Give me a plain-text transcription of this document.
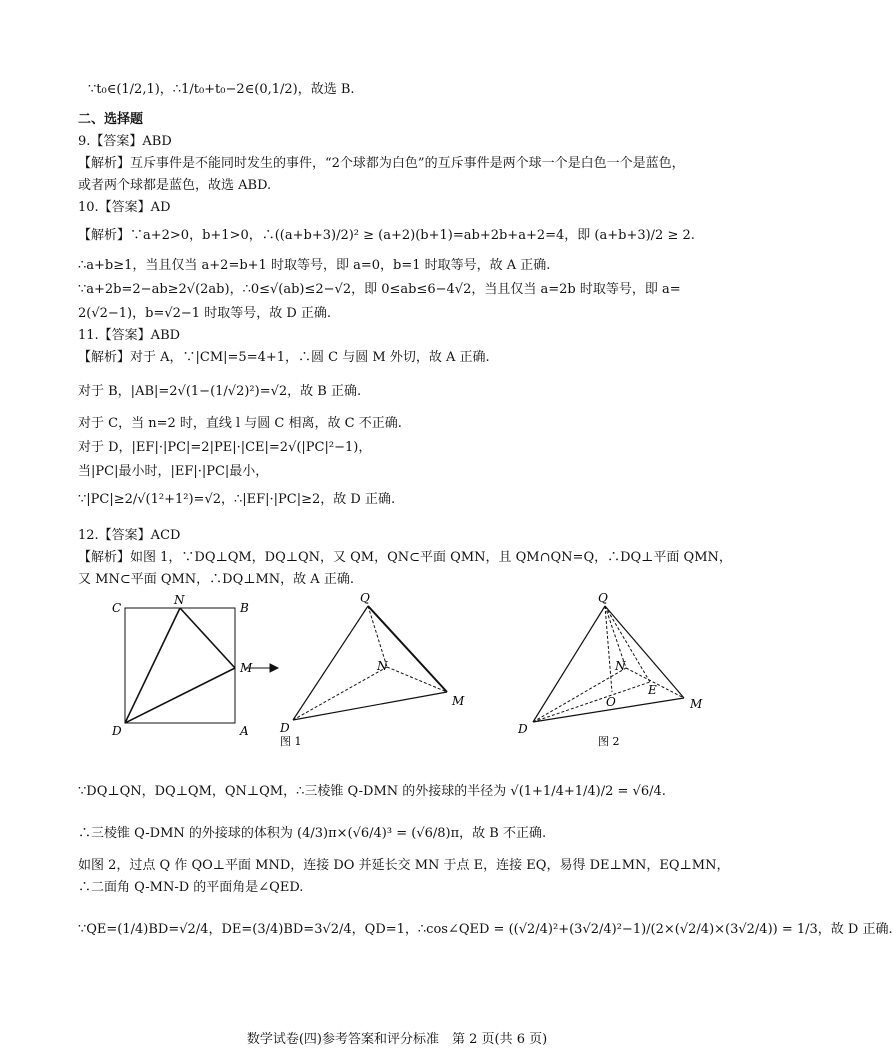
∵t₀∈(1/2,1)，∴1/t₀+t₀−2∈(0,1/2)，故选 B.
二、选择题
9.【答案】ABD
【解析】互斥事件是不能同时发生的事件，“2个球都为白色”的互斥事件是两个球一个是白色一个是蓝色，
或者两个球都是蓝色，故选 ABD.
10.【答案】AD
【解析】∵a+2>0，b+1>0，∴((a+b+3)/2)² ≥ (a+2)(b+1)=ab+2b+a+2=4，即 (a+b+3)/2 ≥ 2.
∴a+b≥1，当且仅当 a+2=b+1 时取等号，即 a=0，b=1 时取等号，故 A 正确.
∵a+2b=2−ab≥2√(2ab)，∴0≤√(ab)≤2−√2，即 0≤ab≤6−4√2，当且仅当 a=2b 时取等号，即 a=
2(√2−1)，b=√2−1 时取等号，故 D 正确.
11.【答案】ABD
【解析】对于 A，∵|CM|=5=4+1，∴圆 C 与圆 M 外切，故 A 正确.
对于 B，|AB|=2√(1−(1/√2)²)=√2，故 B 正确.
对于 C，当 n=2 时，直线 l 与圆 C 相离，故 C 不正确.
对于 D，|EF|·|PC|=2|PE|·|CE|=2√(|PC|²−1)，
当|PC|最小时，|EF|·|PC|最小，
∵|PC|≥2/√(1²+1²)=√2，∴|EF|·|PC|≥2，故 D 正确.
12.【答案】ACD
【解析】如图 1，∵DQ⊥QM，DQ⊥QN，又 QM，QN⊂平面 QMN，且 QM∩QN=Q，∴DQ⊥平面 QMN，
又 MN⊂平面 QMN，∴DQ⊥MN，故 A 正确.
C
N
B
M
D	A
Q
N
M
D
图 1
Q
N
E
O	M
D
图 2
∵DQ⊥QN，DQ⊥QM，QN⊥QM，∴三棱锥 Q-DMN 的外接球的半径为 √(1+1/4+1/4)/2 = √6/4.
∴三棱锥 Q-DMN 的外接球的体积为 (4/3)π×(√6/4)³ = (√6/8)π，故 B 不正确.
如图 2，过点 Q 作 QO⊥平面 MND，连接 DO 并延长交 MN 于点 E，连接 EQ，易得 DE⊥MN，EQ⊥MN，
∴二面角 Q-MN-D 的平面角是∠QED.
∵QE=(1/4)BD=√2/4，DE=(3/4)BD=3√2/4，QD=1，∴cos∠QED = ((√2/4)²+(3√2/4)²−1)/(2×(√2/4)×(3√2/4)) = 1/3，故 D 正确.
数学试卷(四)参考答案和评分标准　第 2 页(共 6 页)
